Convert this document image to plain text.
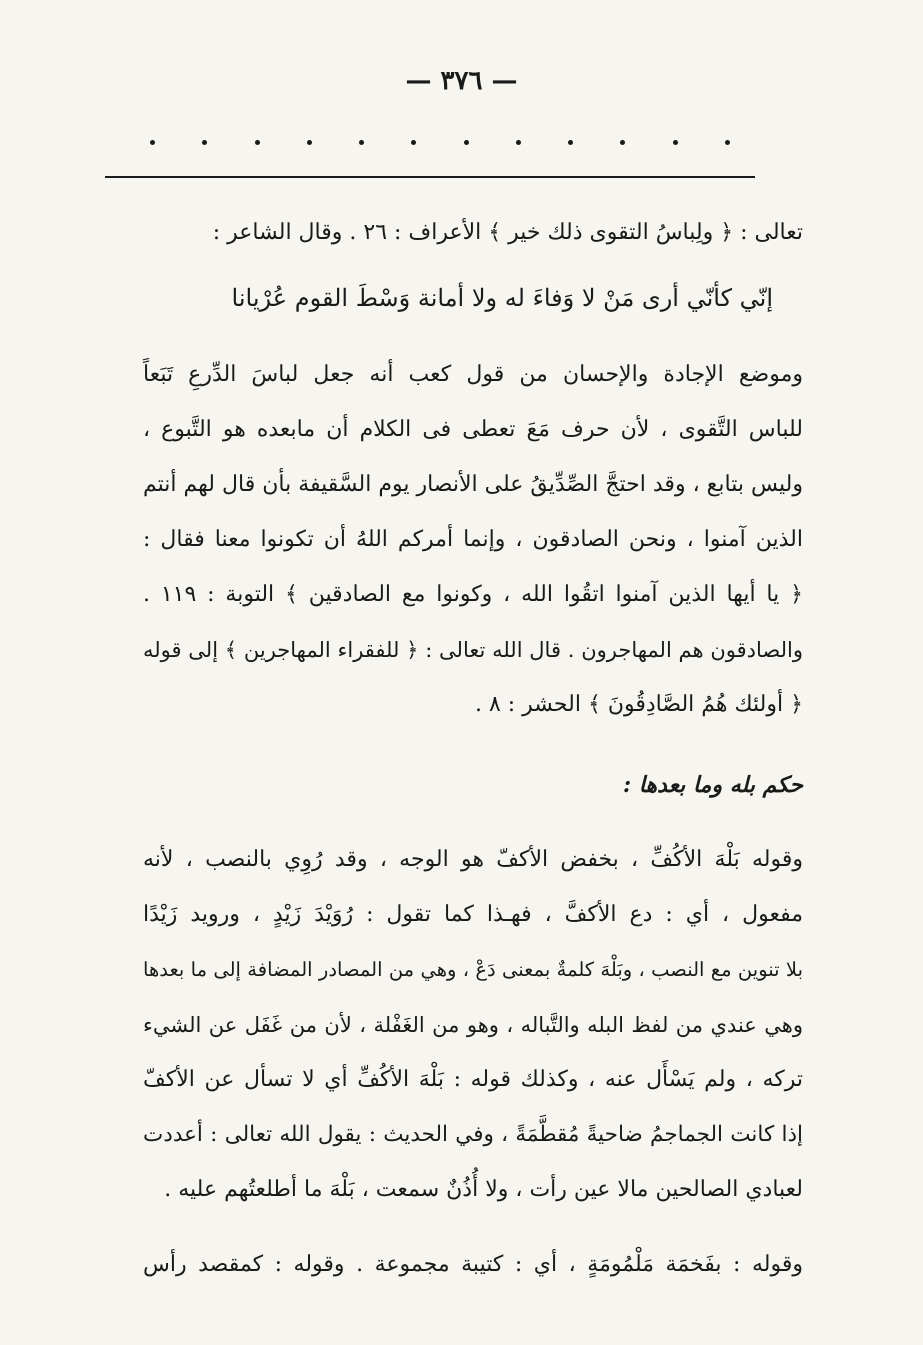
— ٣٧٦ —
تعالى : ﴿ ولِباسُ التقوى ذلك خير ﴾ الأعراف : ٢٦ . وقال الشاعر :
إنّي كأنّي أرى مَنْ لا وَفاءَ له ولا أمانة وَسْطَ القوم عُرْيانا
وموضع الإجادة والإحسان من قول كعب أنه جعل لباسَ الدِّرعِ تَبَعاً
للباس التَّقوى ، لأن حرف مَعَ تعطى فى الكلام أن مابعده هو التَّبوع ،
وليس بتابع ، وقد احتجَّ الصِّدِّيقُ على الأنصار يوم السَّقيفة بأن قال لهم أنتم
الذين آمنوا ، ونحن الصادقون ، وإنما أمركم اللهُ أن تكونوا معنا فقال :
﴿ يا أيها الذين آمنوا اتقُوا الله ، وكونوا مع الصادقين ﴾ التوبة : ١١٩ .
والصادقون هم المهاجرون . قال الله تعالى : ﴿ للفقراء المهاجرين ﴾ إلى قوله
﴿ أولئك هُمُ الصَّادِقُونَ ﴾ الحشر : ٨ .
حكم بله وما بعدها :
وقوله بَلْهَ الأكُفِّ ، بخفض الأكفّ هو الوجه ، وقد رُوِي بالنصب ، لأنه
مفعول ، أي : دع الأكفَّ ، فهـذا كما تقول : رُوَيْدَ زَيْدٍ ، ورويد زَيْدًا
بلا تنوين مع النصب ، وبَلْهَ كلمةٌ بمعنى دَعْ ، وهي من المصادر المضافة إلى ما بعدها
وهي عندي من لفظ البله والتَّباله ، وهو من الغَفْلة ، لأن من غَفَل عن الشيء
تركه ، ولم يَسْأَل عنه ، وكذلك قوله : بَلْهَ الأكُفِّ أي لا تسأل عن الأكفّ
إذا كانت الجماجمُ ضاحيةً مُقطَّمَةً ، وفي الحديث : يقول الله تعالى : أعددت
لعبادي الصالحين مالا عين رأت ، ولا أُذُنٌ سمعت ، بَلْهَ ما أطلعتُهم عليه .
وقوله : بفَخمَة مَلْمُومَةٍ ، أي : كتيبة مجموعة . وقوله : كمقصد رأس
